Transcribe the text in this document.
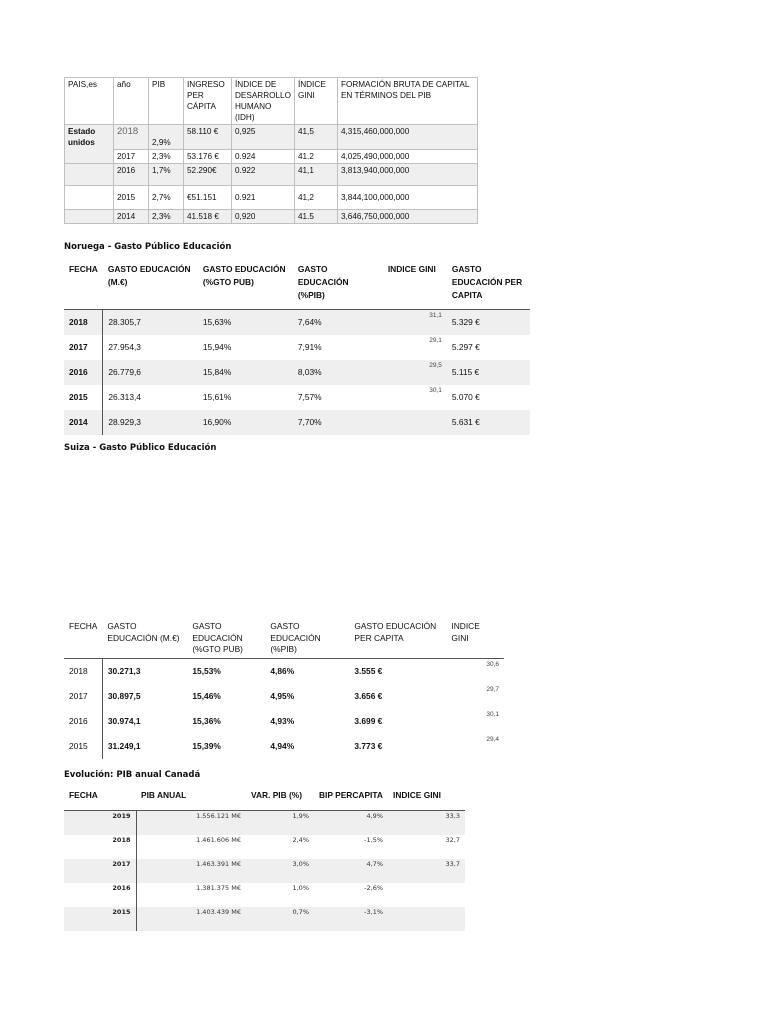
PAIS,es	año	PIB	INGRESO PER CÁPITA	ÍNDICE DE DESARROLLO HUMANO (IDH)	ÍNDICE GINI	FORMACIÓN BRUTA DE CAPITAL EN TÉRMINOS DEL PIB
Estado unidos	2018	2,9%	58.110 €	0,925	41,5	4,315,460,000,000
	2017	2,3%	53.176 €	0.924	41.2	4,025,490,000,000
	2016	1,7%	52.290€	0.922	41,1	3,813,940,000,000
	2015	2,7%	€51.151	0.921	41,2	3,844,100,000,000
	2014	2,3%	41.518 €	0,920	41.5	3,646,750,000,000
Noruega - Gasto Público Educación
FECHA	GASTO EDUCACIÓN (M.€)	GASTO EDUCACIÓN (%GTO PUB)	GASTO EDUCACIÓN (%PIB)	INDICE GINI	GASTO EDUCACIÓN PER CAPITA
2018	28.305,7	15,63%	7,64%	31,1	5.329 €
2017	27.954,3	15,94%	7,91%	29,1	5.297 €
2016	26.779,6	15,84%	8,03%	29,5	5.115 €
2015	26.313,4	15,61%	7,57%	30,1	5.070 €
2014	28.929,3	16,90%	7,70%		5.631 €
Suiza - Gasto Público Educación
FECHA	GASTO EDUCACIÓN (M.€)	GASTO EDUCACIÓN (%GTO PUB)	GASTO EDUCACIÓN (%PIB)	GASTO EDUCACIÓN PER CAPITA	INDICE GINI
2018	30.271,3	15,53%	4,86%	3.555 €	30,6
2017	30.897,5	15,46%	4,95%	3.656 €	29,7
2016	30.974,1	15,36%	4,93%	3.699 €	30,1
2015	31.249,1	15,39%	4,94%	3.773 €	29,4
Evolución: PIB anual Canadá
FECHA	PIB ANUAL	VAR. PIB (%)	BIP PERCAPITA	INDICE GINI
2019	1.556.121 M€	1,9%	4,9%	33,3
2018	1.461.606 M€	2,4%	-1,5%	32,7
2017	1.463.391 M€	3,0%	4,7%	33,7
2016	1.381.375 M€	1,0%	-2,6%	
2015	1.403.439 M€	0,7%	-3,1%	
